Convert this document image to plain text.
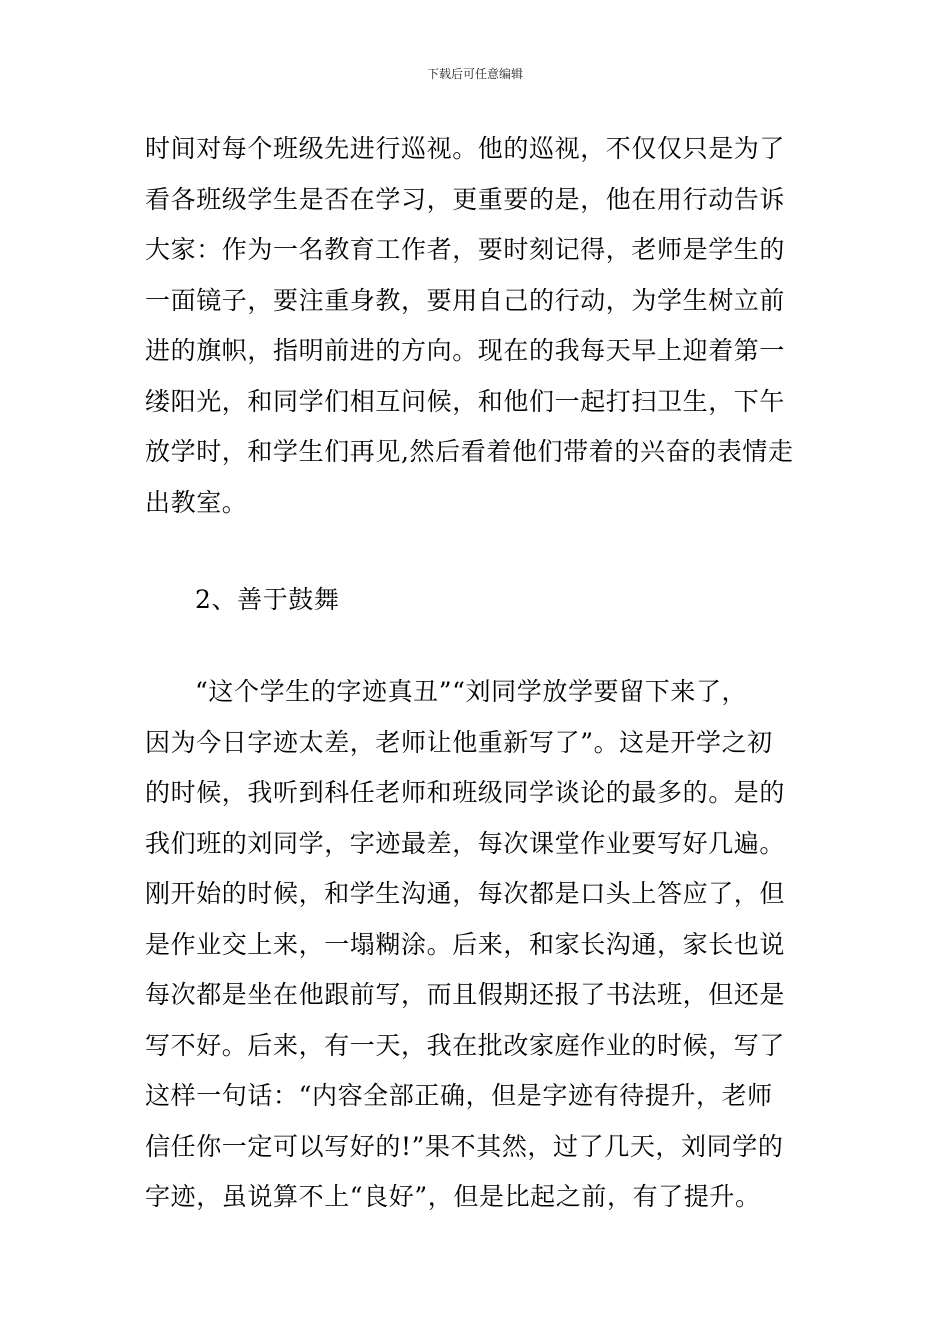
下载后可任意编辑
时间对每个班级先进行巡视。他的巡视，不仅仅只是为了
看各班级学生是否在学习，更重要的是，他在用行动告诉
大家：作为一名教育工作者，要时刻记得，老师是学生的
一面镜子，要注重身教，要用自己的行动，为学生树立前
进的旗帜，指明前进的方向。现在的我每天早上迎着第一
缕阳光，和同学们相互问候，和他们一起打扫卫生，下午
放学时，和学生们再见,然后看着他们带着的兴奋的表情走
出教室。
2、善于鼓舞
“这个学生的字迹真丑”“刘同学放学要留下来了，
因为今日字迹太差，老师让他重新写了”。这是开学之初
的时候，我听到科任老师和班级同学谈论的最多的。是的
我们班的刘同学，字迹最差，每次课堂作业要写好几遍。
刚开始的时候，和学生沟通，每次都是口头上答应了，但
是作业交上来，一塌糊涂。后来，和家长沟通，家长也说
每次都是坐在他跟前写，而且假期还报了书法班，但还是
写不好。后来，有一天，我在批改家庭作业的时候，写了
这样一句话：“内容全部正确，但是字迹有待提升，老师
信任你一定可以写好的!”果不其然，过了几天，刘同学的
字迹，虽说算不上“良好”，但是比起之前，有了提升。
